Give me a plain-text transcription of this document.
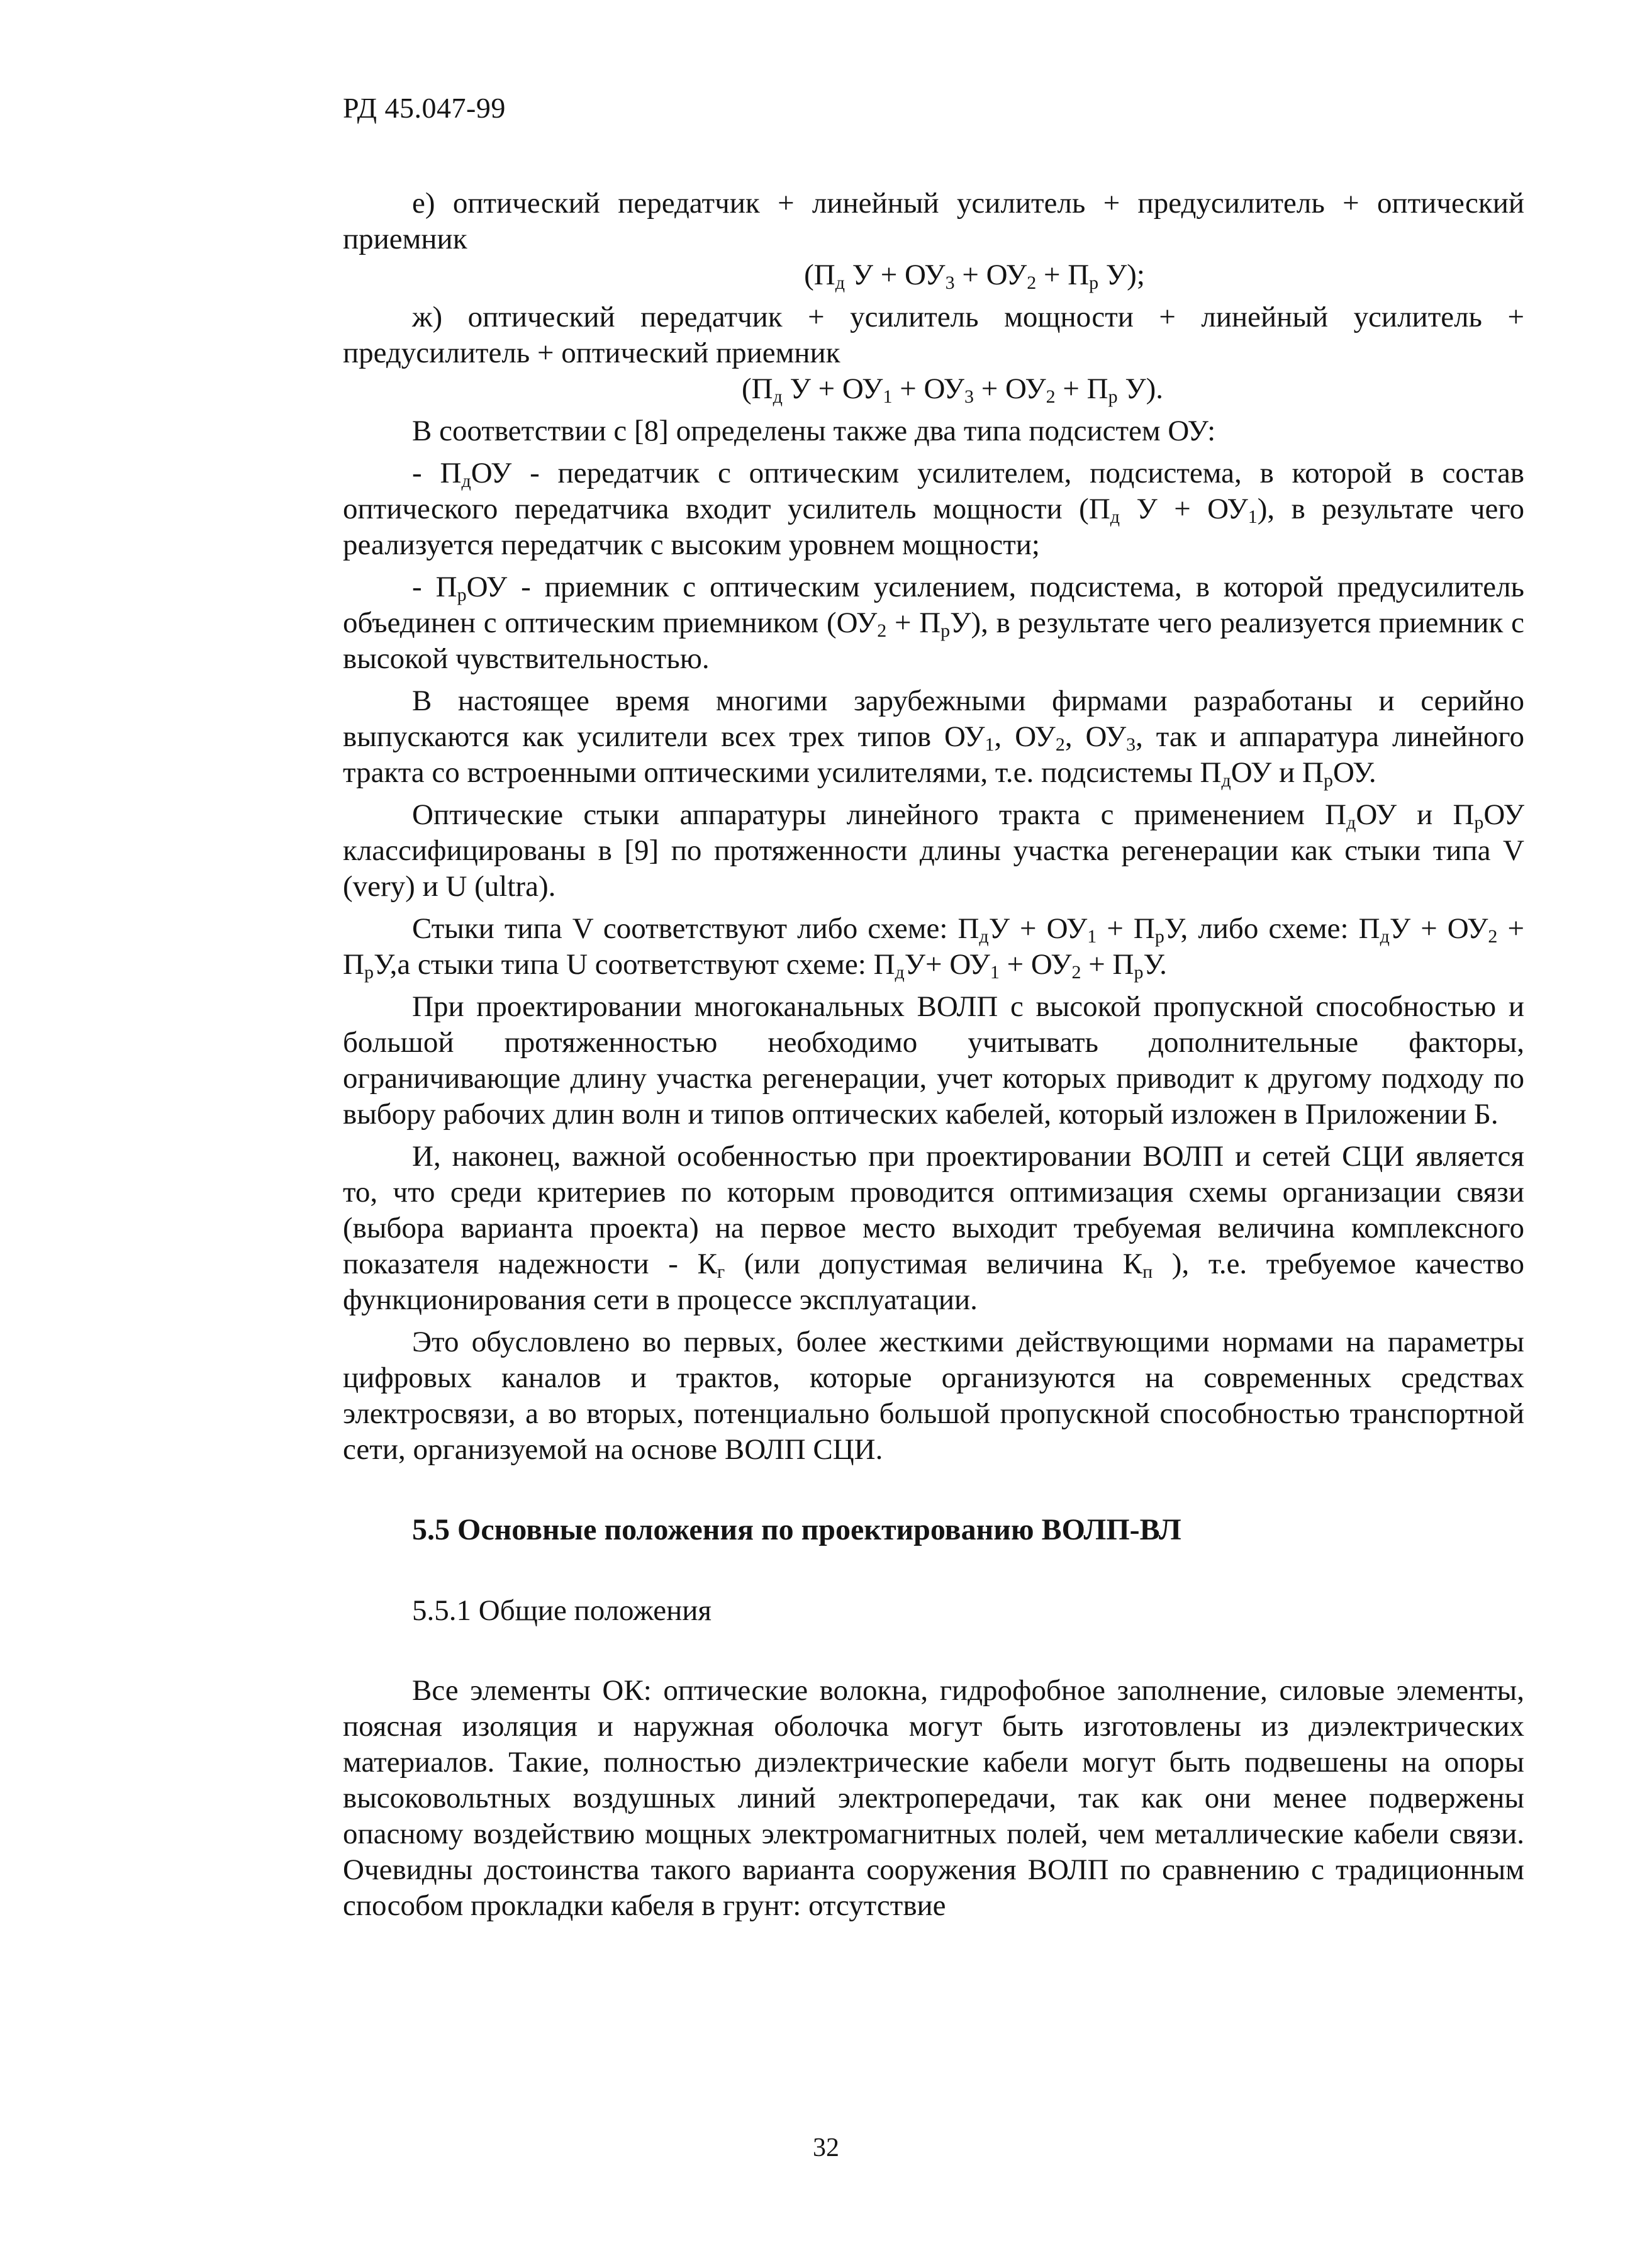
РД 45.047-99

е) оптический передатчик + линейный усилитель + предусилитель + оптический приемник

($П_д$ $У + ОУ_3 + ОУ_2 + П_р$ У);

ж) оптический передатчик + усилитель мощности + линейный усилитель + предусилитель + оптический приемник

($П_д$ $У + ОУ_1 + ОУ_3 + ОУ_2 + П_р$ У).

В соответствии с [8] определены также два типа подсистем ОУ:

- $П_дОУ$ - передатчик с оптическим усилителем, подсистема, в которой в состав оптического передатчика входит усилитель мощности ($П_д$ $У + ОУ_1$), в результате чего реализуется передатчик с высоким уровнем мощности;

- $П_рОУ$ - приемник с оптическим усилением, подсистема, в которой предусилитель объединен с оптическим приемником $(ОУ_2 + П_рУ)$, в результате чего реализуется приемник с высокой чувствительностью.

В настоящее время многими зарубежными фирмами разработаны и серийно выпускаются как усилители всех трех типов $ОУ_1$, $ОУ_2$, $ОУ_3$, так и аппаратура линейного тракта со встроенными оптическими усилителями, т.е. подсистемы $П_дОУ$ и $П_рОУ$.

Оптические стыки аппаратуры линейного тракта с применением $П_дОУ$ и $П_рОУ$ классифицированы в [9] по протяженности длины участка регенерации как стыки типа V (very) и U (ultra).

Стыки типа V соответствуют либо схеме: $П_дУ + ОУ_1 + П_рУ$, либо схеме: $П_дУ + ОУ_2 + П_рУ,а$ стыки типа U соответствуют схеме: $П_дУ+ ОУ_1 + ОУ_2 + П_рУ$.

При проектировании многоканальных ВОЛП с высокой пропускной способностью и большой протяженностью необходимо учитывать дополнительные факторы, ограничивающие длину участка регенерации, учет которых приводит к другому подходу по выбору рабочих длин волн и типов оптических кабелей, который изложен в Приложении Б.

И, наконец, важной особенностью при проектировании ВОЛП и сетей СЦИ является то, что среди критериев по которым проводится оптимизация схемы организации связи (выбора варианта проекта) на первое место выходит требуемая величина комплексного показателя надежности - $К_г$ (или допустимая величина $К_п$ ), т.е. требуемое качество функционирования сети в процессе эксплуатации.

Это обусловлено во первых, более жесткими действующими нормами на параметры цифровых каналов и трактов, которые организуются на современных средствах электросвязи, а во вторых, потенциально большой пропускной способностью транспортной сети, организуемой на основе ВОЛП СЦИ.

5.5 Основные положения по проектированию ВОЛП-ВЛ

5.5.1 Общие положения

Все элементы ОК: оптические волокна, гидрофобное заполнение, силовые элементы, поясная изоляция и наружная оболочка могут быть изготовлены из диэлектрических материалов. Такие, полностью диэлектрические кабели могут быть подвешены на опоры высоковольтных воздушных линий электропередачи, так как они менее подвержены опасному воздействию мощных электромагнитных полей, чем металлические кабели связи. Очевидны достоинства такого варианта сооружения ВОЛП по сравнению с традиционным способом прокладки кабеля в грунт: отсутствие

32
